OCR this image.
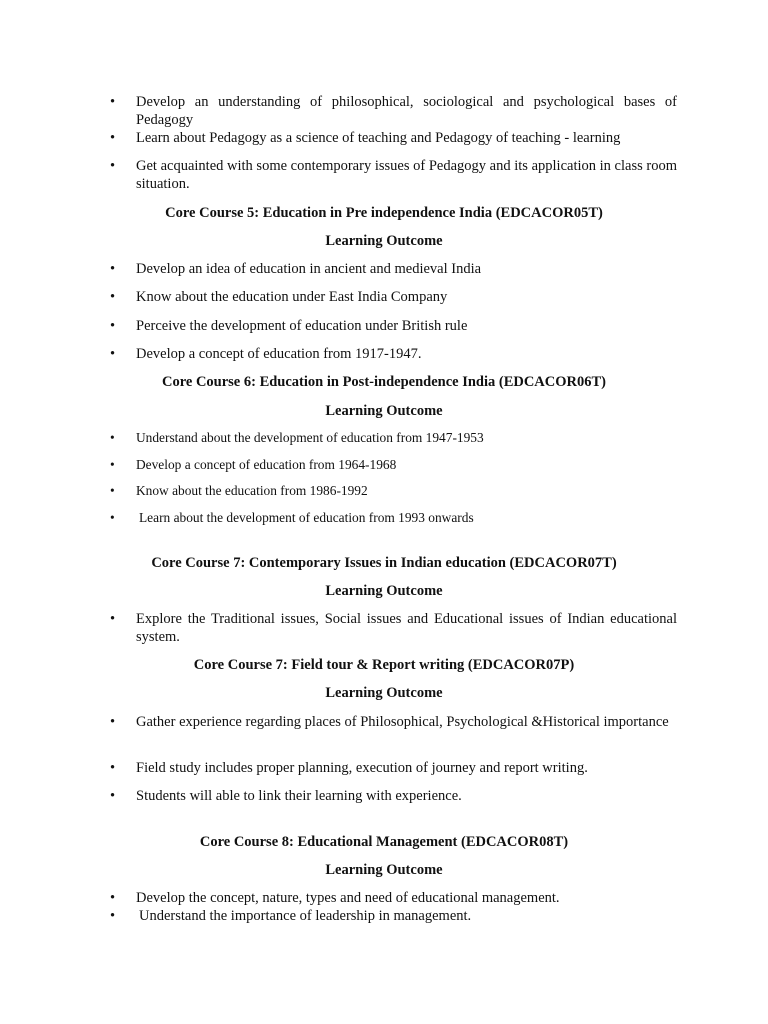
•	Develop an understanding of philosophical, sociological and psychological bases of Pedagogy
•	Learn about Pedagogy as a science of teaching and Pedagogy of teaching - learning
•	Get acquainted with some contemporary issues of Pedagogy and its application in class room situation.
Core Course 5: Education in Pre independence India (EDCACOR05T)
Learning Outcome
•	Develop an idea of education in ancient and medieval India
•	Know about the education under East India Company
•	Perceive the development of education under British rule
•	Develop a concept of education from 1917-1947.
Core Course 6: Education in Post-independence India (EDCACOR06T)
Learning Outcome
•	Understand about the development of education from 1947-1953
•	Develop a concept of education from 1964-1968
•	Know about the education from 1986-1992
•	Learn about the development of education from 1993 onwards
Core Course 7: Contemporary Issues in Indian education (EDCACOR07T)
Learning Outcome
•	Explore the Traditional issues, Social issues and Educational issues of Indian educational system.
Core Course 7: Field tour & Report writing (EDCACOR07P)
Learning Outcome
•	Gather experience regarding places of Philosophical, Psychological &Historical importance
•	Field study includes proper planning, execution of journey and report writing.
•	Students will able to link their learning with experience.
Core Course 8: Educational Management (EDCACOR08T)
Learning Outcome
•	Develop the concept, nature, types and need of educational management.
•	Understand the importance of leadership in management.
